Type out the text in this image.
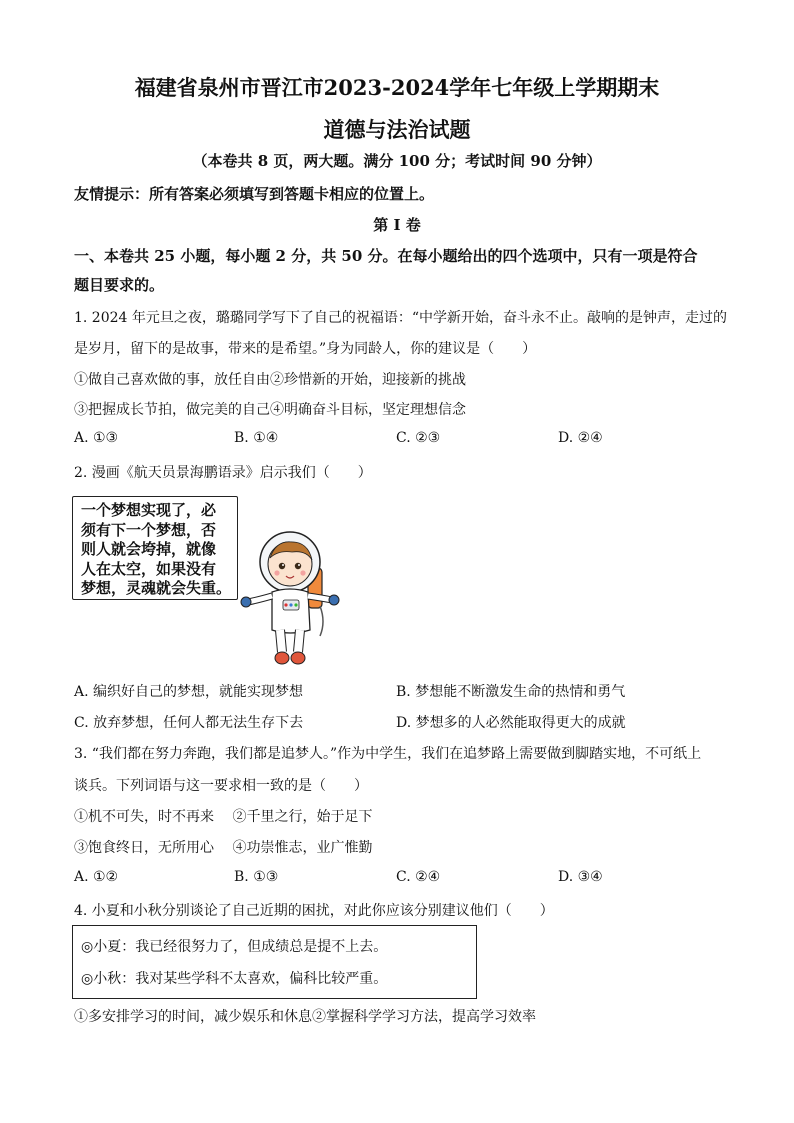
福建省泉州市晋江市2023-2024学年七年级上学期期末
道德与法治试题
（本卷共 8 页，两大题。满分 100 分；考试时间 90 分钟）
友情提示：所有答案必须填写到答题卡相应的位置上。
第 I 卷
一、本卷共 25 小题，每小题 2 分，共 50 分。在每小题给出的四个选项中，只有一项是符合
题目要求的。
1. 2024 年元旦之夜，璐璐同学写下了自己的祝福语：“中学新开始，奋斗永不止。敲响的是钟声，走过的
是岁月，留下的是故事，带来的是希望。”身为同龄人，你的建议是（　　）
①做自己喜欢做的事，放任自由②珍惜新的开始，迎接新的挑战
③把握成长节拍，做完美的自己④明确奋斗目标，坚定理想信念
A. ①③	B. ①④	C. ②③	D. ②④
2. 漫画《航天员景海鹏语录》启示我们（　　）
一个梦想实现了，必
须有下一个梦想，否
则人就会垮掉，就像
人在太空，如果没有
梦想，灵魂就会失重。
A. 编织好自己的梦想，就能实现梦想	B. 梦想能不断激发生命的热情和勇气
C. 放弃梦想，任何人都无法生存下去	D. 梦想多的人必然能取得更大的成就
3. “我们都在努力奔跑，我们都是追梦人。”作为中学生，我们在追梦路上需要做到脚踏实地，不可纸上
谈兵。下列词语与这一要求相一致的是（　　）
①机不可失，时不再来　 ②千里之行，始于足下
③饱食终日，无所用心　 ④功崇惟志，业广惟勤
A. ①②	B. ①③	C. ②④	D. ③④
4. 小夏和小秋分别谈论了自己近期的困扰，对此你应该分别建议他们（　　）
◎小夏：我已经很努力了，但成绩总是提不上去。
◎小秋：我对某些学科不太喜欢，偏科比较严重。
①多安排学习的时间，减少娱乐和休息②掌握科学学习方法，提高学习效率
